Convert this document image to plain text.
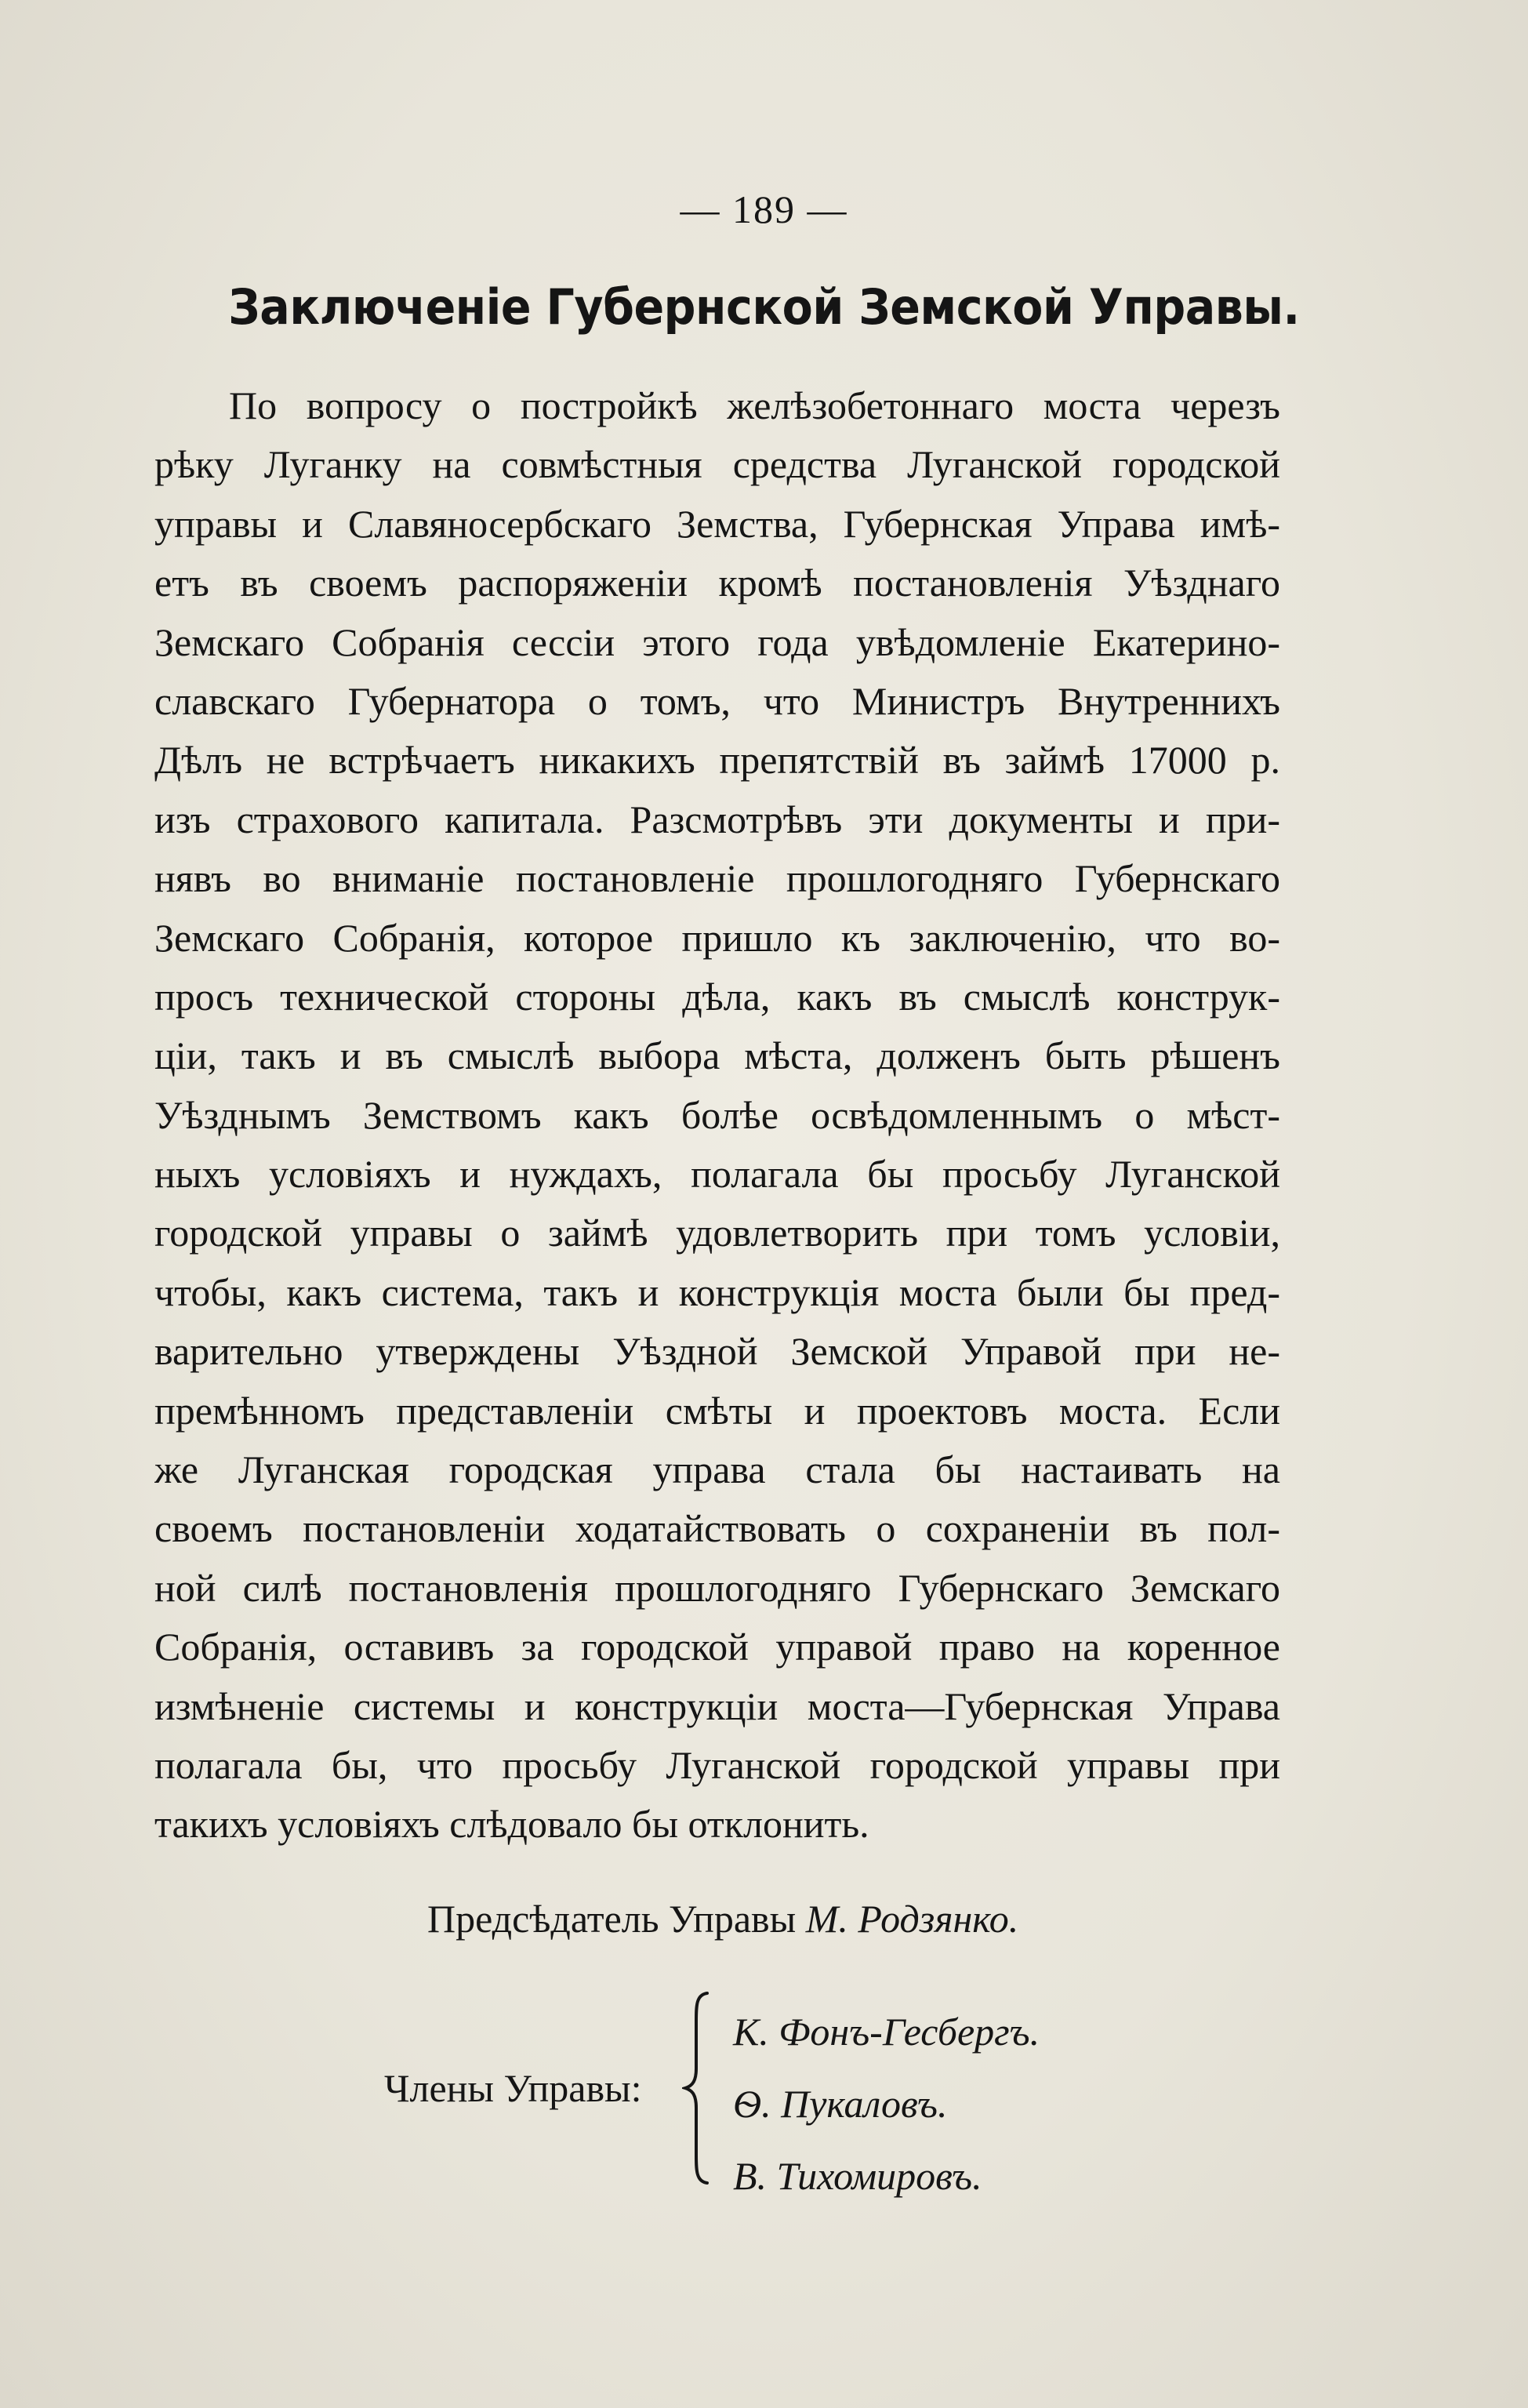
— 189 —
Заключеніе Губернской Земской Управы.
По вопросу о постройкѣ желѣзобетоннаго моста черезъ
рѣку Луганку на совмѣстныя средства Луганской городской
управы и Славяносербскаго Земства, Губернская Управа имѣ-
етъ въ своемъ распоряженіи кромѣ постановленія Уѣзднаго
Земскаго Собранія сессіи этого года увѣдомленіе Екатерино-
славскаго Губернатора о томъ, что Министръ Внутреннихъ
Дѣлъ не встрѣчаетъ никакихъ препятствій въ займѣ 17000 р.
изъ страхового капитала. Разсмотрѣвъ эти документы и при-
нявъ во вниманіе постановленіе прошлогодняго Губернскаго
Земскаго Собранія, которое пришло къ заключенію, что во-
просъ технической стороны дѣла, какъ въ смыслѣ конструк-
ціи, такъ и въ смыслѣ выбора мѣста, долженъ быть рѣшенъ
Уѣзднымъ Земствомъ какъ болѣе освѣдомленнымъ о мѣст-
ныхъ условіяхъ и нуждахъ, полагала бы просьбу Луганской
городской управы о займѣ удовлетворить при томъ условіи,
чтобы, какъ система, такъ и конструкція моста были бы пред-
варительно утверждены Уѣздной Земской Управой при не-
премѣнномъ представленіи смѣты и проектовъ моста. Если
же Луганская городская управа стала бы настаивать на
своемъ постановленіи ходатайствовать о сохраненіи въ пол-
ной силѣ постановленія прошлогодняго Губернскаго Земскаго
Собранія, оставивъ за городской управой право на коренное
измѣненіе системы и конструкціи моста—Губернская Управа
полагала бы, что просьбу Луганской городской управы при
такихъ условіяхъ слѣдовало бы отклонить.
Предсѣдатель Управы М. Родзянко.
Члены Управы:
К. Фонъ-Гесбергъ.
Ѳ. Пукаловъ.
В. Тихомировъ.
